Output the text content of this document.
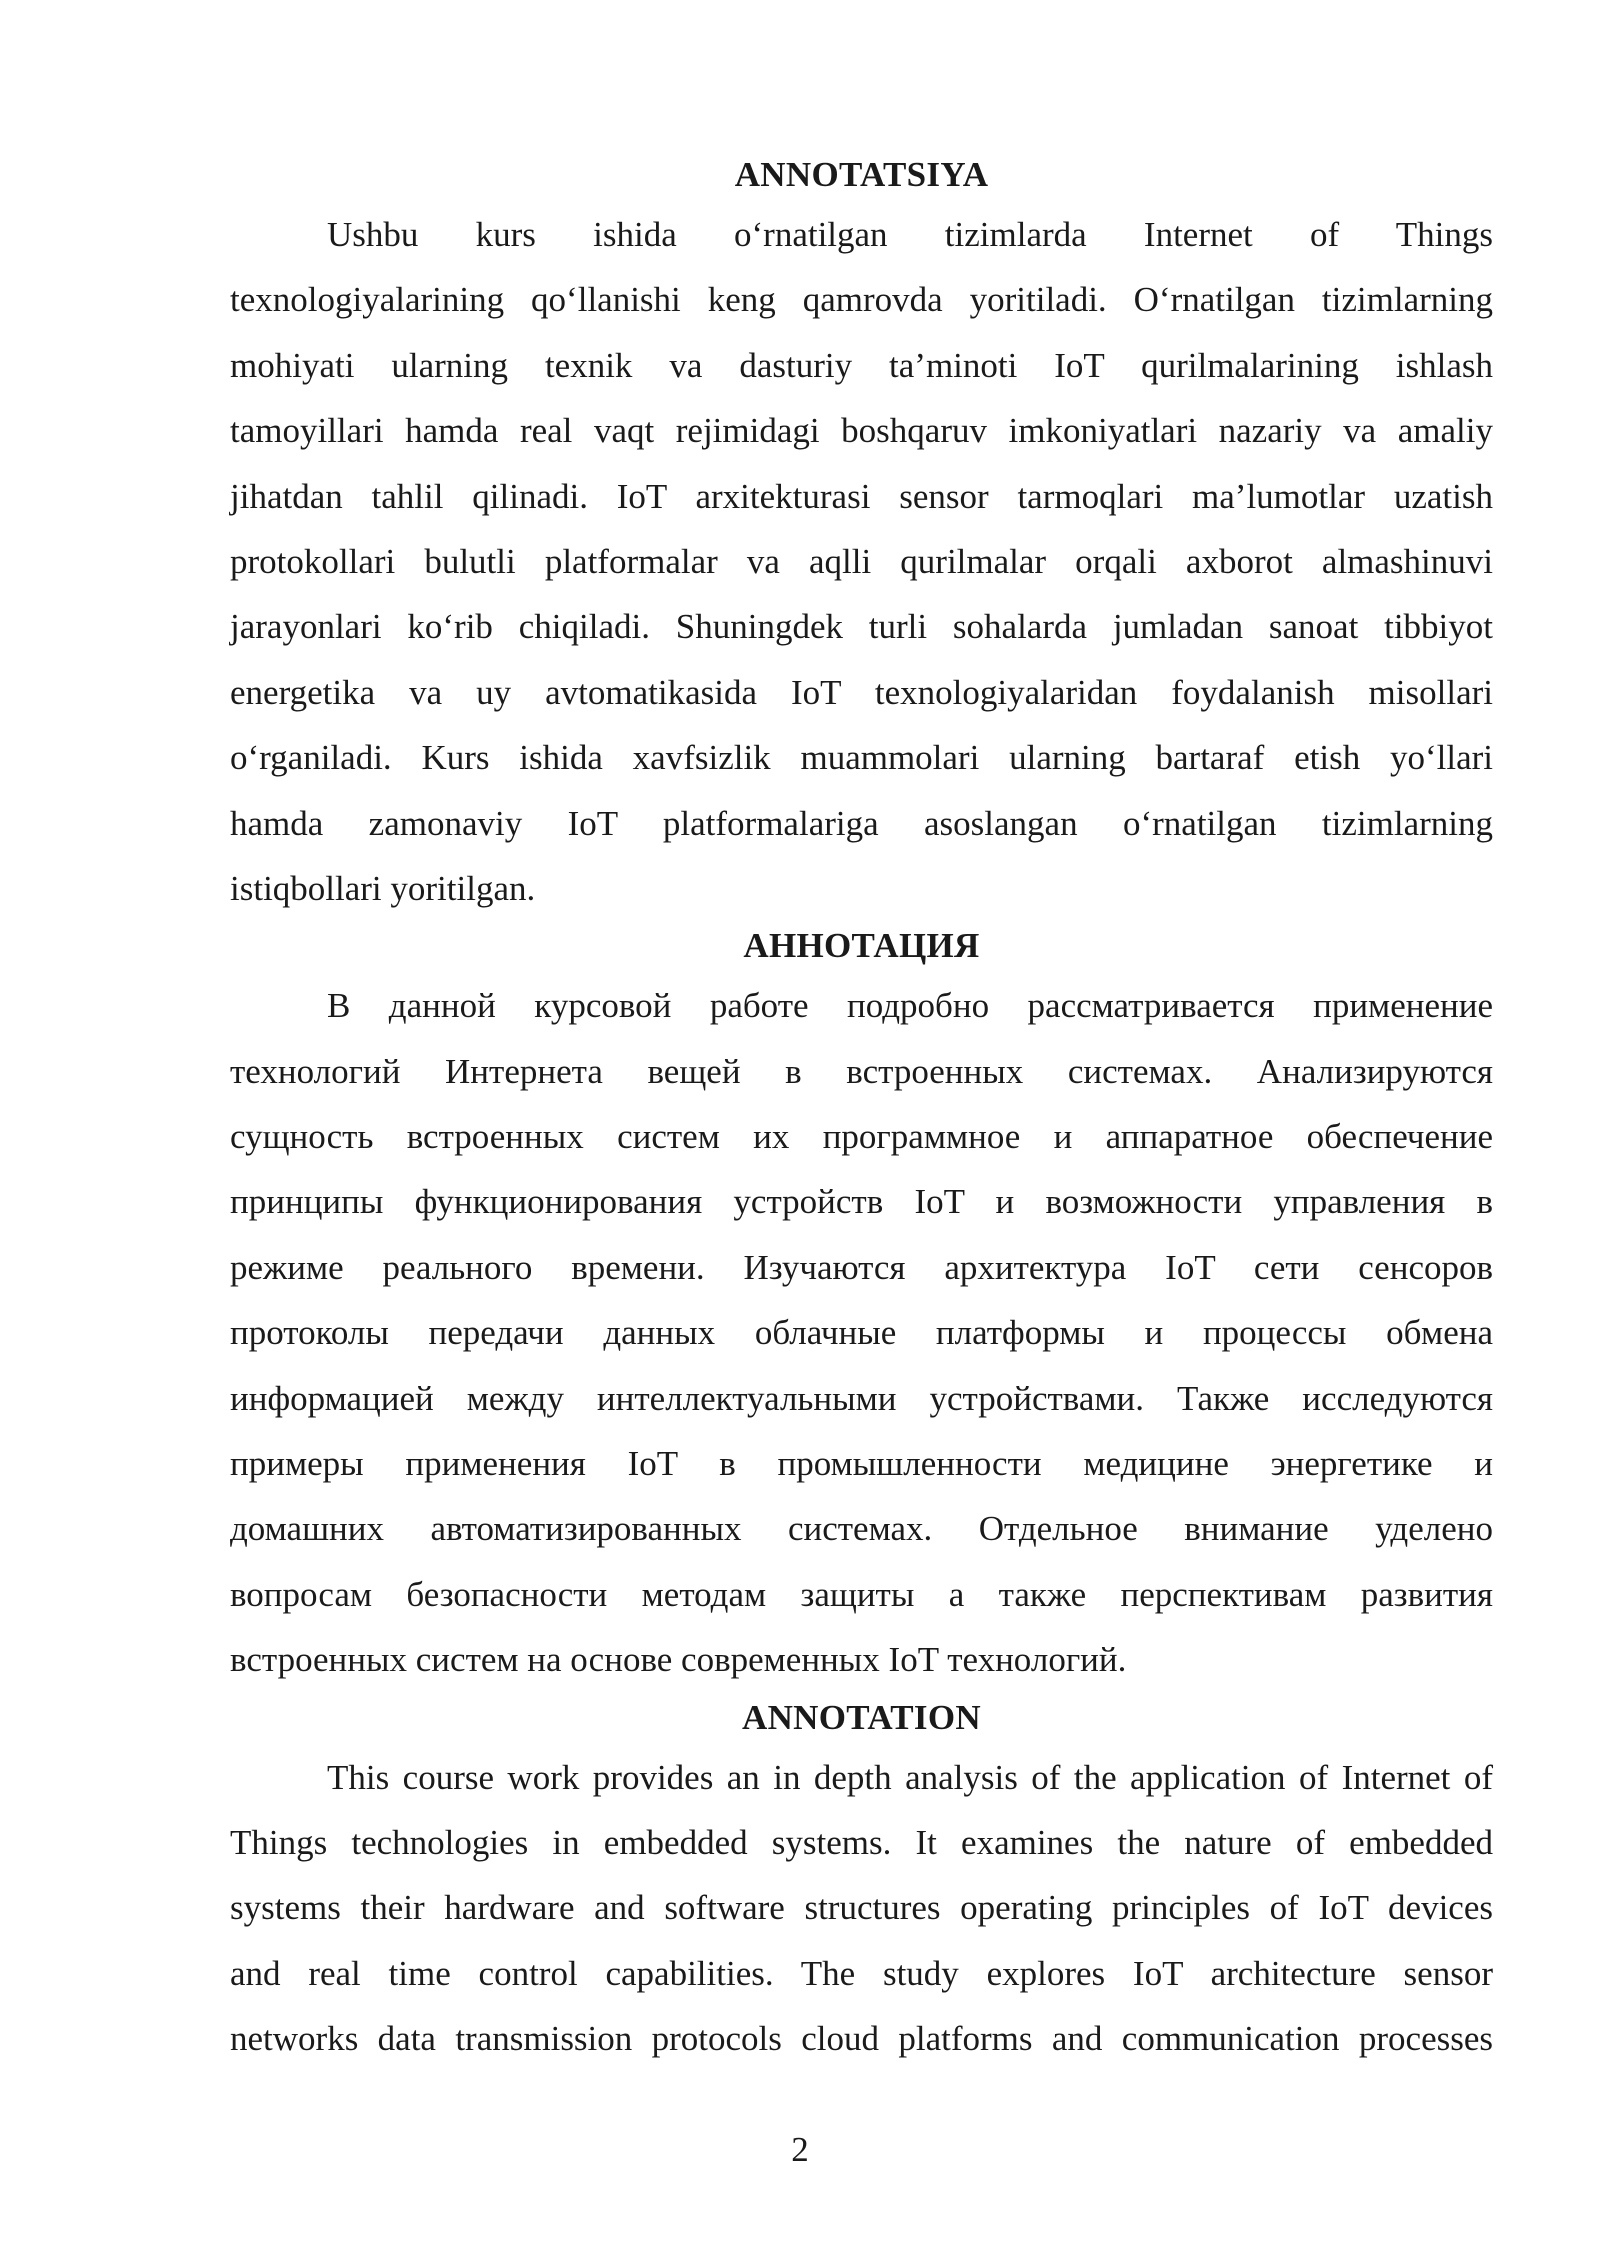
ANNOTATSIYA

Ushbu kurs ishida o‘rnatilgan tizimlarda Internet of Things
texnologiyalarining qo‘llanishi keng qamrovda yoritiladi. O‘rnatilgan tizimlarning
mohiyati ularning texnik va dasturiy ta’minoti IoT qurilmalarining ishlash
tamoyillari hamda real vaqt rejimidagi boshqaruv imkoniyatlari nazariy va amaliy
jihatdan tahlil qilinadi. IoT arxitekturasi sensor tarmoqlari ma’lumotlar uzatish
protokollari bulutli platformalar va aqlli qurilmalar orqali axborot almashinuvi
jarayonlari ko‘rib chiqiladi. Shuningdek turli sohalarda jumladan sanoat tibbiyot
energetika va uy avtomatikasida IoT texnologiyalaridan foydalanish misollari
o‘rganiladi. Kurs ishida xavfsizlik muammolari ularning bartaraf etish yo‘llari
hamda zamonaviy IoT platformalariga asoslangan o‘rnatilgan tizimlarning
istiqbollari yoritilgan.

АННОТАЦИЯ

В данной курсовой работе подробно рассматривается применение
технологий Интернета вещей в встроенных системах. Анализируются
сущность встроенных систем их программное и аппаратное обеспечение
принципы функционирования устройств IoT и возможности управления в
режиме реального времени. Изучаются архитектура IoT сети сенсоров
протоколы передачи данных облачные платформы и процессы обмена
информацией между интеллектуальными устройствами. Также исследуются
примеры применения IoT в промышленности медицине энергетике и
домашних автоматизированных системах. Отдельное внимание уделено
вопросам безопасности методам защиты а также перспективам развития
встроенных систем на основе современных IoT технологий.

ANNOTATION

This course work provides an in depth analysis of the application of Internet of
Things technologies in embedded systems. It examines the nature of embedded
systems their hardware and software structures operating principles of IoT devices
and real time control capabilities. The study explores IoT architecture sensor
networks data transmission protocols cloud platforms and communication processes

2
